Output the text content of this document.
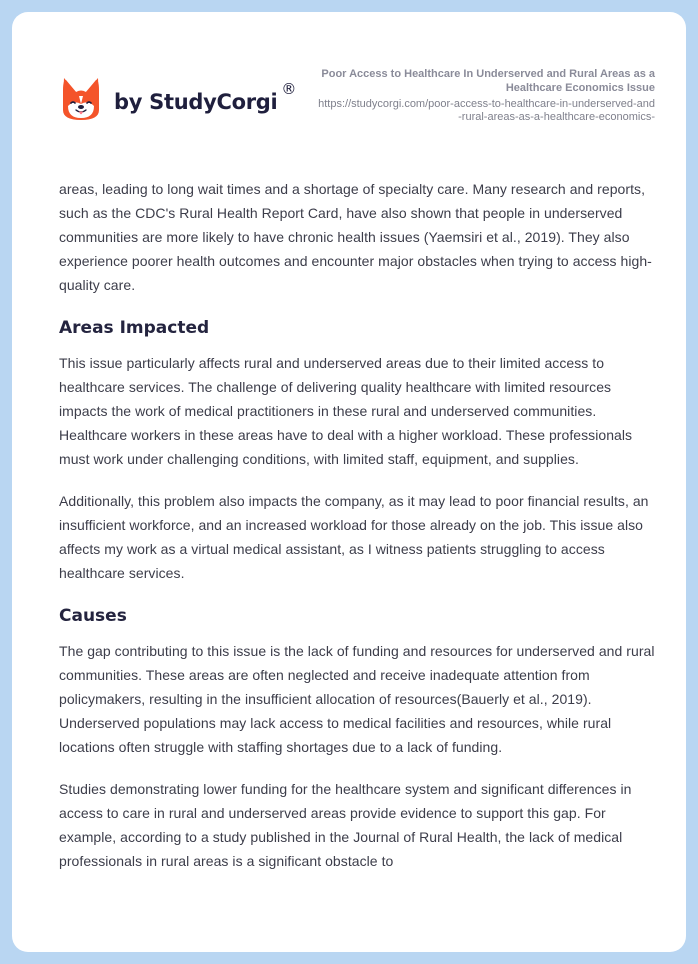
by StudyCorgi
®
Poor Access to Healthcare In Underserved and Rural Areas as a Healthcare Economics Issue
https://studycorgi.com/poor-access-to-healthcare-in-underserved-and-rural-areas-as-a-healthcare-economics-

areas, leading to long wait times and a shortage of specialty care. Many research and reports, such as the CDC's Rural Health Report Card, have also shown that people in underserved communities are more likely to have chronic health issues (Yaemsiri et al., 2019). They also experience poorer health outcomes and encounter major obstacles when trying to access high-quality care.

Areas Impacted

This issue particularly affects rural and underserved areas due to their limited access to healthcare services. The challenge of delivering quality healthcare with limited resources impacts the work of medical practitioners in these rural and underserved communities. Healthcare workers in these areas have to deal with a higher workload. These professionals must work under challenging conditions, with limited staff, equipment, and supplies.

Additionally, this problem also impacts the company, as it may lead to poor financial results, an insufficient workforce, and an increased workload for those already on the job. This issue also affects my work as a virtual medical assistant, as I witness patients struggling to access healthcare services.

Causes

The gap contributing to this issue is the lack of funding and resources for underserved and rural communities. These areas are often neglected and receive inadequate attention from policymakers, resulting in the insufficient allocation of resources(Bauerly et al., 2019). Underserved populations may lack access to medical facilities and resources, while rural locations often struggle with staffing shortages due to a lack of funding.

Studies demonstrating lower funding for the healthcare system and significant differences in access to care in rural and underserved areas provide evidence to support this gap. For example, according to a study published in the Journal of Rural Health, the lack of medical professionals in rural areas is a significant obstacle to
